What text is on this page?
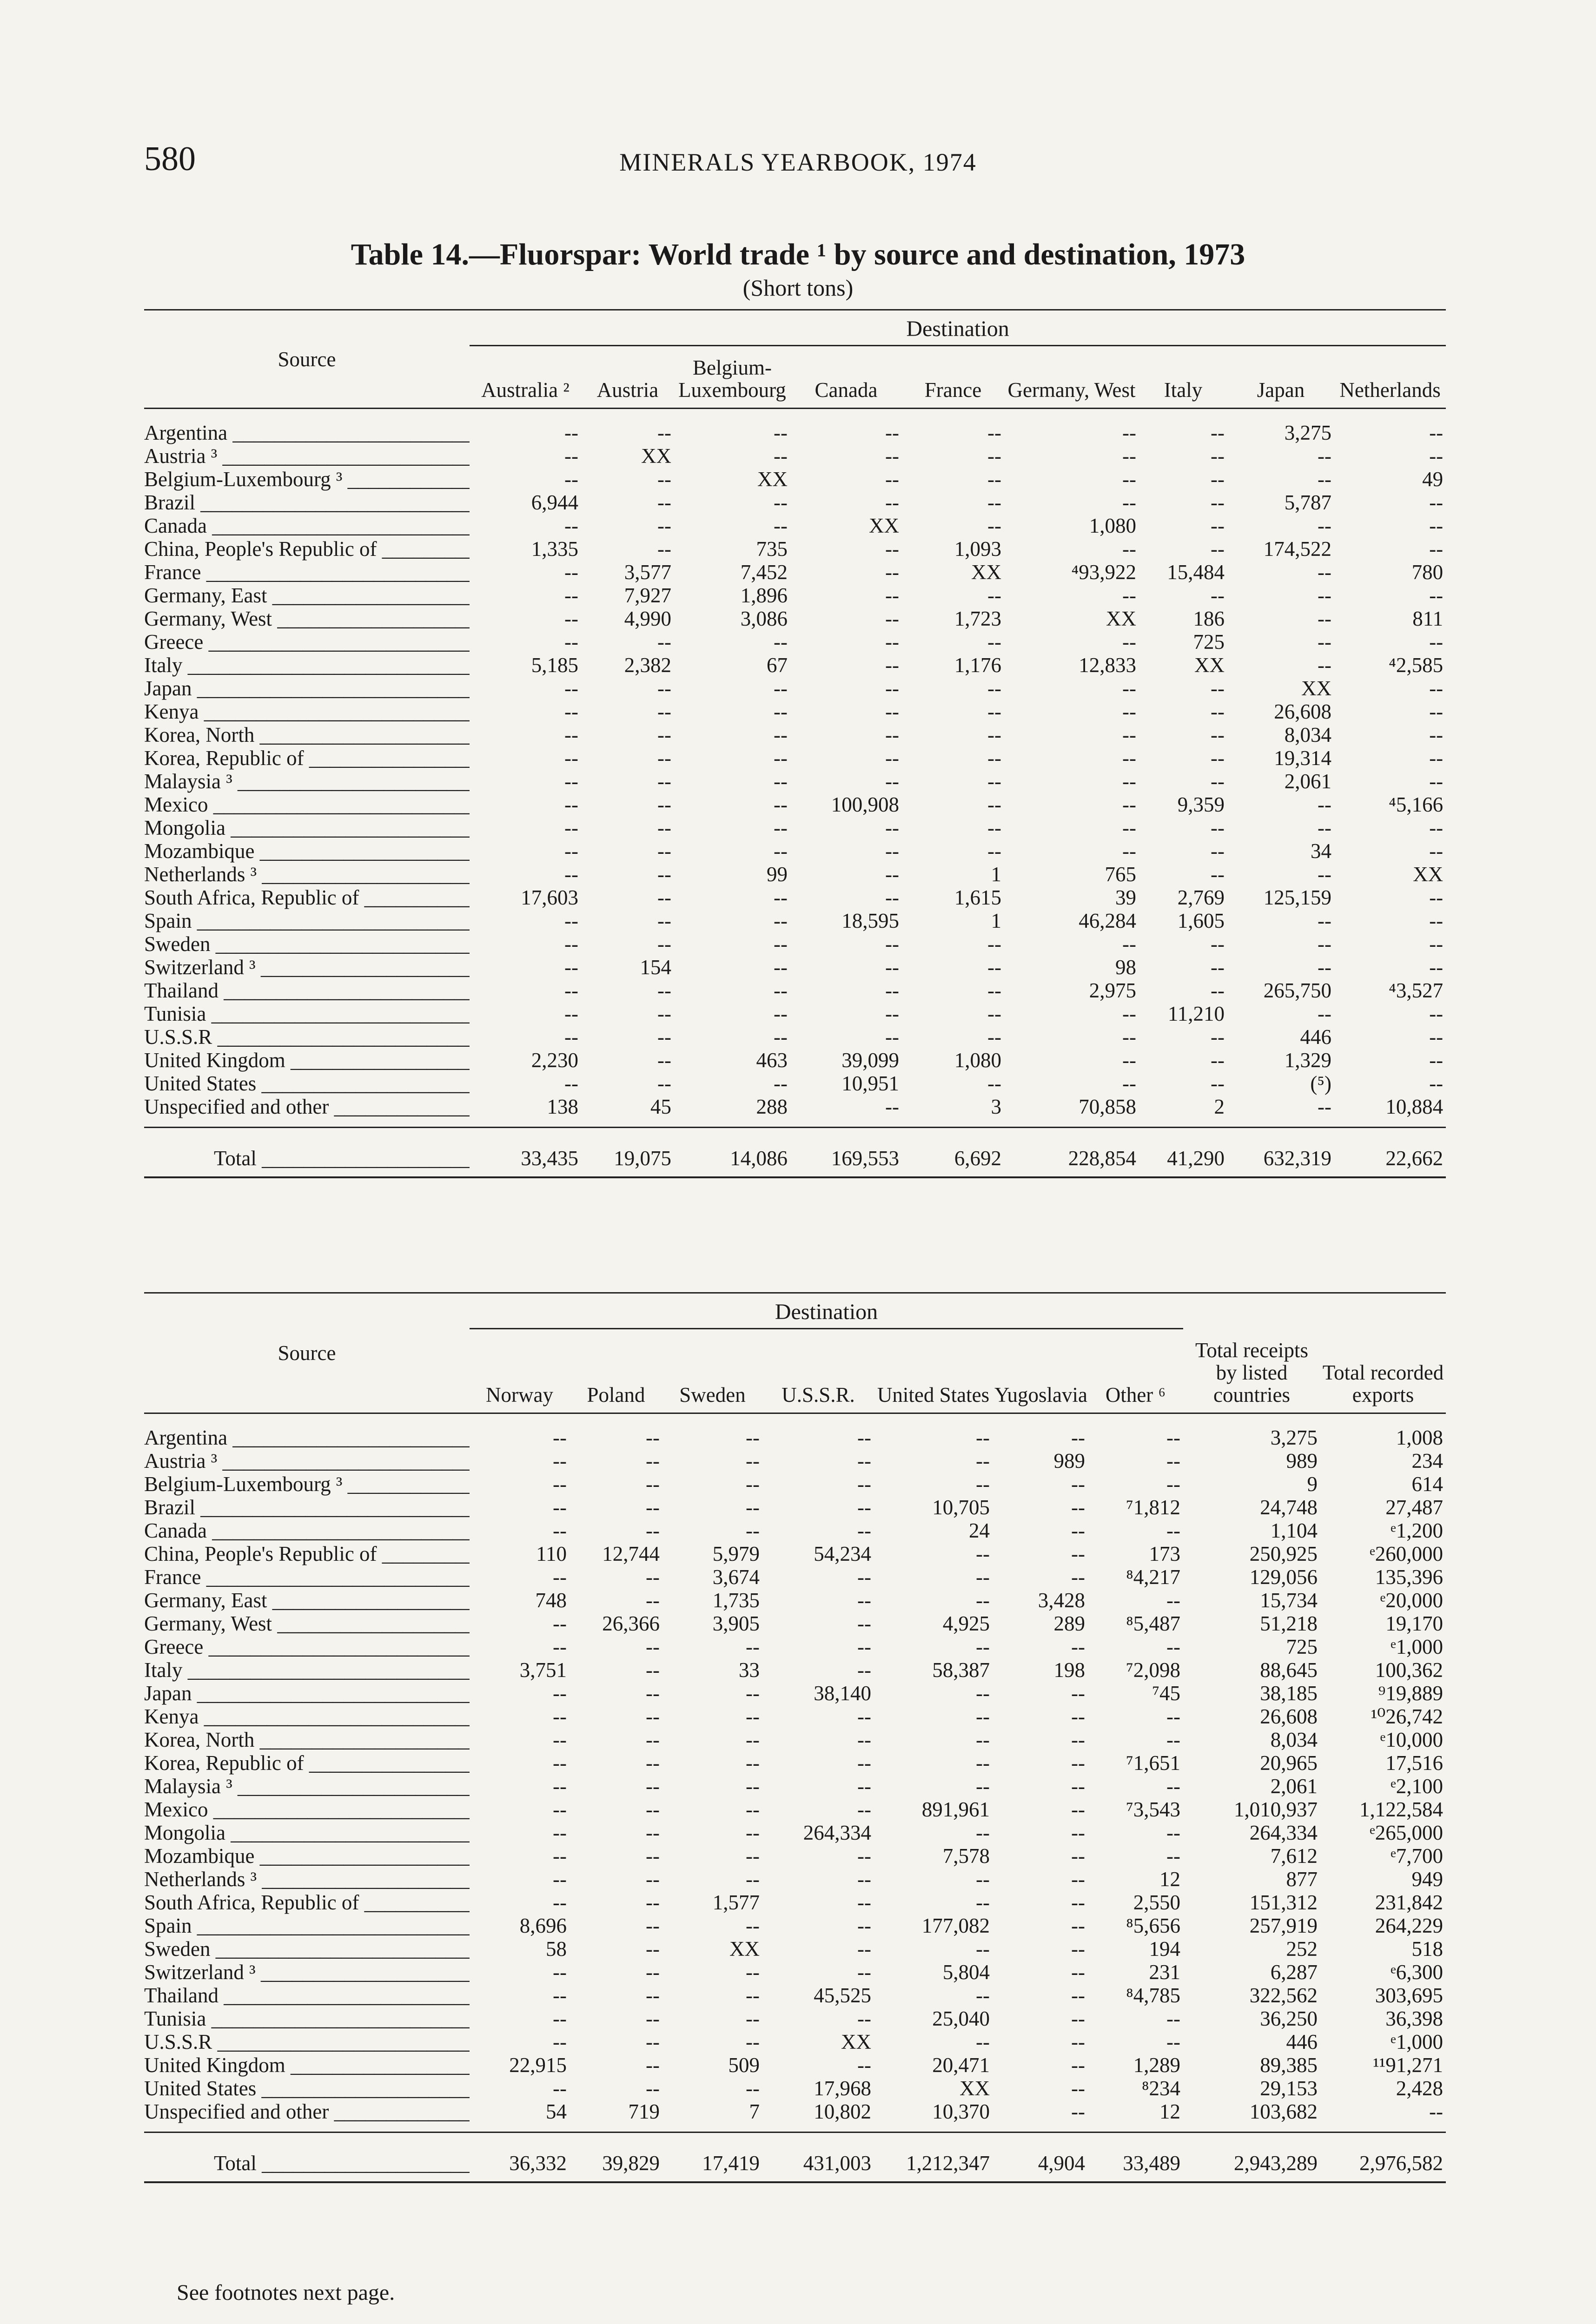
580	MINERALS YEARBOOK, 1974
Table 14.—Fluorspar: World trade ¹ by source and destination, 1973
(Short tons)
Source	Destination								
	Australia ²	Austria	Belgium-Luxembourg	Canada	France	Germany, West	Italy	Japan	Netherlands
Argentina _____	--	--	--	--	--	--	--	3,275	--
Austria ³ _____	--	XX	--	--	--	--	--	--	--
Belgium-Luxembourg ³ _____	--	--	XX	--	--	--	--	--	49
Brazil _____	6,944	--	--	--	--	--	--	5,787	--
Canada _____	--	--	--	XX	--	1,080	--	--	--
China, People's Republic of _____	1,335	--	735	--	1,093	--	--	174,522	--
France _____	--	3,577	7,452	--	XX	⁴93,922	15,484	--	780
Germany, East _____	--	7,927	1,896	--	--	--	--	--	--
Germany, West _____	--	4,990	3,086	--	1,723	XX	186	--	811
Greece _____	--	--	--	--	--	--	725	--	--
Italy _____	5,185	2,382	67	--	1,176	12,833	XX	--	⁴2,585
Japan _____	--	--	--	--	--	--	--	XX	--
Kenya _____	--	--	--	--	--	--	--	26,608	--
Korea, North _____	--	--	--	--	--	--	--	8,034	--
Korea, Republic of _____	--	--	--	--	--	--	--	19,314	--
Malaysia ³ _____	--	--	--	--	--	--	--	2,061	--
Mexico _____	--	--	--	100,908	--	--	9,359	--	⁴5,166
Mongolia _____	--	--	--	--	--	--	--	--	--
Mozambique _____	--	--	--	--	--	--	--	34	--
Netherlands ³ _____	--	--	99	--	1	765	--	--	XX
South Africa, Republic of _____	17,603	--	--	--	1,615	39	2,769	125,159	--
Spain _____	--	--	--	18,595	1	46,284	1,605	--	--
Sweden _____	--	--	--	--	--	--	--	--	--
Switzerland ³ _____	--	154	--	--	--	98	--	--	--
Thailand _____	--	--	--	--	--	2,975	--	265,750	⁴3,527
Tunisia _____	--	--	--	--	--	--	11,210	--	--
U.S.S.R _____	--	--	--	--	--	--	--	446	--
United Kingdom _____	2,230	--	463	39,099	1,080	--	--	1,329	--
United States _____	--	--	--	10,951	--	--	--	(⁵)	--
Unspecified and other _____	138	45	288	--	3	70,858	2	--	10,884
Total _____	33,435	19,075	14,086	169,553	6,692	228,854	41,290	632,319	22,662
Source	Destination								
	Norway	Poland	Sweden	U.S.S.R.	United States	Yugoslavia	Other ⁶	Total receipts by listed countries	Total recorded exports
Argentina _____	--	--	--	--	--	--	--	3,275	1,008
Austria ³ _____	--	--	--	--	--	989	--	989	234
Belgium-Luxembourg ³ _____	--	--	--	--	--	--	--	9	614
Brazil _____	--	--	--	--	10,705	--	⁷1,812	24,748	27,487
Canada _____	--	--	--	--	24	--	--	1,104	ᵉ1,200
China, People's Republic of _____	110	12,744	5,979	54,234	--	--	173	250,925	ᵉ260,000
France _____	--	--	3,674	--	--	--	⁸4,217	129,056	135,396
Germany, East _____	748	--	1,735	--	--	3,428	--	15,734	ᵉ20,000
Germany, West _____	--	26,366	3,905	--	4,925	289	⁸5,487	51,218	19,170
Greece _____	--	--	--	--	--	--	--	725	ᵉ1,000
Italy _____	3,751	--	33	--	58,387	198	⁷2,098	88,645	100,362
Japan _____	--	--	--	38,140	--	--	⁷45	38,185	⁹19,889
Kenya _____	--	--	--	--	--	--	--	26,608	¹⁰26,742
Korea, North _____	--	--	--	--	--	--	--	8,034	ᵉ10,000
Korea, Republic of _____	--	--	--	--	--	--	⁷1,651	20,965	17,516
Malaysia ³ _____	--	--	--	--	--	--	--	2,061	ᵉ2,100
Mexico _____	--	--	--	--	891,961	--	⁷3,543	1,010,937	1,122,584
Mongolia _____	--	--	--	264,334	--	--	--	264,334	ᵉ265,000
Mozambique _____	--	--	--	--	7,578	--	--	7,612	ᵉ7,700
Netherlands ³ _____	--	--	--	--	--	--	12	877	949
South Africa, Republic of _____	--	--	1,577	--	--	--	2,550	151,312	231,842
Spain _____	8,696	--	--	--	177,082	--	⁸5,656	257,919	264,229
Sweden _____	58	--	XX	--	--	--	194	252	518
Switzerland ³ _____	--	--	--	--	5,804	--	231	6,287	ᵉ6,300
Thailand _____	--	--	--	45,525	--	--	⁸4,785	322,562	303,695
Tunisia _____	--	--	--	--	25,040	--	--	36,250	36,398
U.S.S.R _____	--	--	--	XX	--	--	--	446	ᵉ1,000
United Kingdom _____	22,915	--	509	--	20,471	--	1,289	89,385	¹¹91,271
United States _____	--	--	--	17,968	XX	--	⁸234	29,153	2,428
Unspecified and other _____	54	719	7	10,802	10,370	--	12	103,682	--
Total _____	36,332	39,829	17,419	431,003	1,212,347	4,904	33,489	2,943,289	2,976,582
See footnotes next page.
